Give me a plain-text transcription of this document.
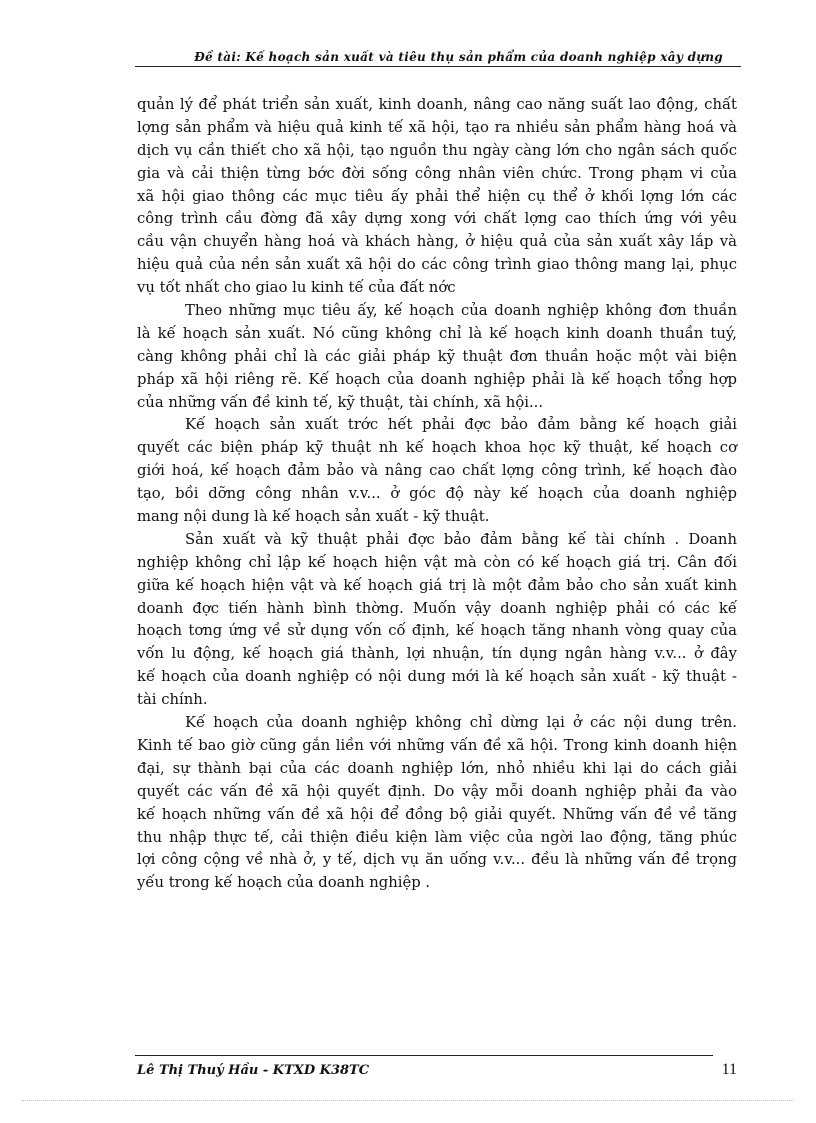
Đề tài: Kế hoạch sản xuất và tiêu thụ sản phẩm của doanh nghiệp xây dựng
quản lý để phát triển sản xuất, kinh doanh, nâng cao năng suất lao động, chất
lợng sản phẩm và hiệu quả kinh tế xã hội, tạo ra nhiều sản phẩm hàng hoá và
dịch vụ cần thiết cho xã hội, tạo nguồn thu ngày càng lớn cho ngân sách quốc
gia và cải thiện từng bớc đời sống công nhân viên chức. Trong phạm vi của
xã hội giao thông các mục tiêu ấy phải thể hiện cụ thể ở khối lợng lớn các
công trình cầu đờng đã xây dựng xong với chất lợng cao thích ứng với yêu
cầu vận chuyển hàng hoá và khách hàng, ở hiệu quả của sản xuất xây lắp và
hiệu quả của nền sản xuất xã hội do các công trình giao thông mang lại, phục
vụ tốt nhất cho giao lu kinh tế của đất nớc
Theo những mục tiêu ấy, kế hoạch của doanh nghiệp không đơn thuần
là kế hoạch sản xuất. Nó cũng không chỉ là kế hoạch kinh doanh thuần tuý,
càng không phải chỉ là các giải pháp kỹ thuật đơn thuần hoặc một vài biện
pháp xã hội riêng rẽ. Kế hoạch của doanh nghiệp phải là kế hoạch tổng hợp
của những vấn đề kinh tế, kỹ thuật, tài chính, xã hội...
Kế hoạch sản xuất trớc hết phải đợc bảo đảm bằng kế hoạch giải
quyết các biện pháp kỹ thuật nh kế hoạch khoa học kỹ thuật, kế hoạch cơ
giới hoá, kế hoạch đảm bảo và nâng cao chất lợng công trình, kế hoạch đào
tạo, bồi dỡng công nhân v.v... ở góc độ này kế hoạch của doanh nghiệp
mang nội dung là kế hoạch sản xuất - kỹ thuật.
Sản xuất và kỹ thuật phải đợc bảo đảm bằng kế tài chính . Doanh
nghiệp không chỉ lập kế hoạch hiện vật mà còn có kế hoạch giá trị. Cân đối
giữa kế hoạch hiện vật và kế hoạch giá trị là một đảm bảo cho sản xuất kinh
doanh đợc tiến hành bình thờng. Muốn vậy doanh nghiệp phải có các kế
hoạch tơng ứng về sử dụng vốn cố định, kế hoạch tăng nhanh vòng quay của
vốn lu động, kế hoạch giá thành, lợi nhuận, tín dụng ngân hàng v.v... ở đây
kế hoạch của doanh nghiệp có nội dung mới là kế hoạch sản xuất - kỹ thuật -
tài chính.
Kế hoạch của doanh nghiệp không chỉ dừng lại ở các nội dung trên.
Kinh tế bao giờ cũng gắn liền với những vấn đề xã hội. Trong kinh doanh hiện
đại, sự thành bại của các doanh nghiệp lớn, nhỏ nhiều khi lại do cách giải
quyết các vấn đề xã hội quyết định. Do vậy mỗi doanh nghiệp phải đa vào
kế hoạch những vấn đề xã hội để đồng bộ giải quyết. Những vấn đề về tăng
thu nhập thực tế, cải thiện điều kiện làm việc của ngời lao động, tăng phúc
lợi công cộng về nhà ở, y tế, dịch vụ ăn uống v.v... đều là những vấn đề trọng
yếu trong kế hoạch của doanh nghiệp .
Lê Thị Thuý Hầu - KTXD K38TC	11
